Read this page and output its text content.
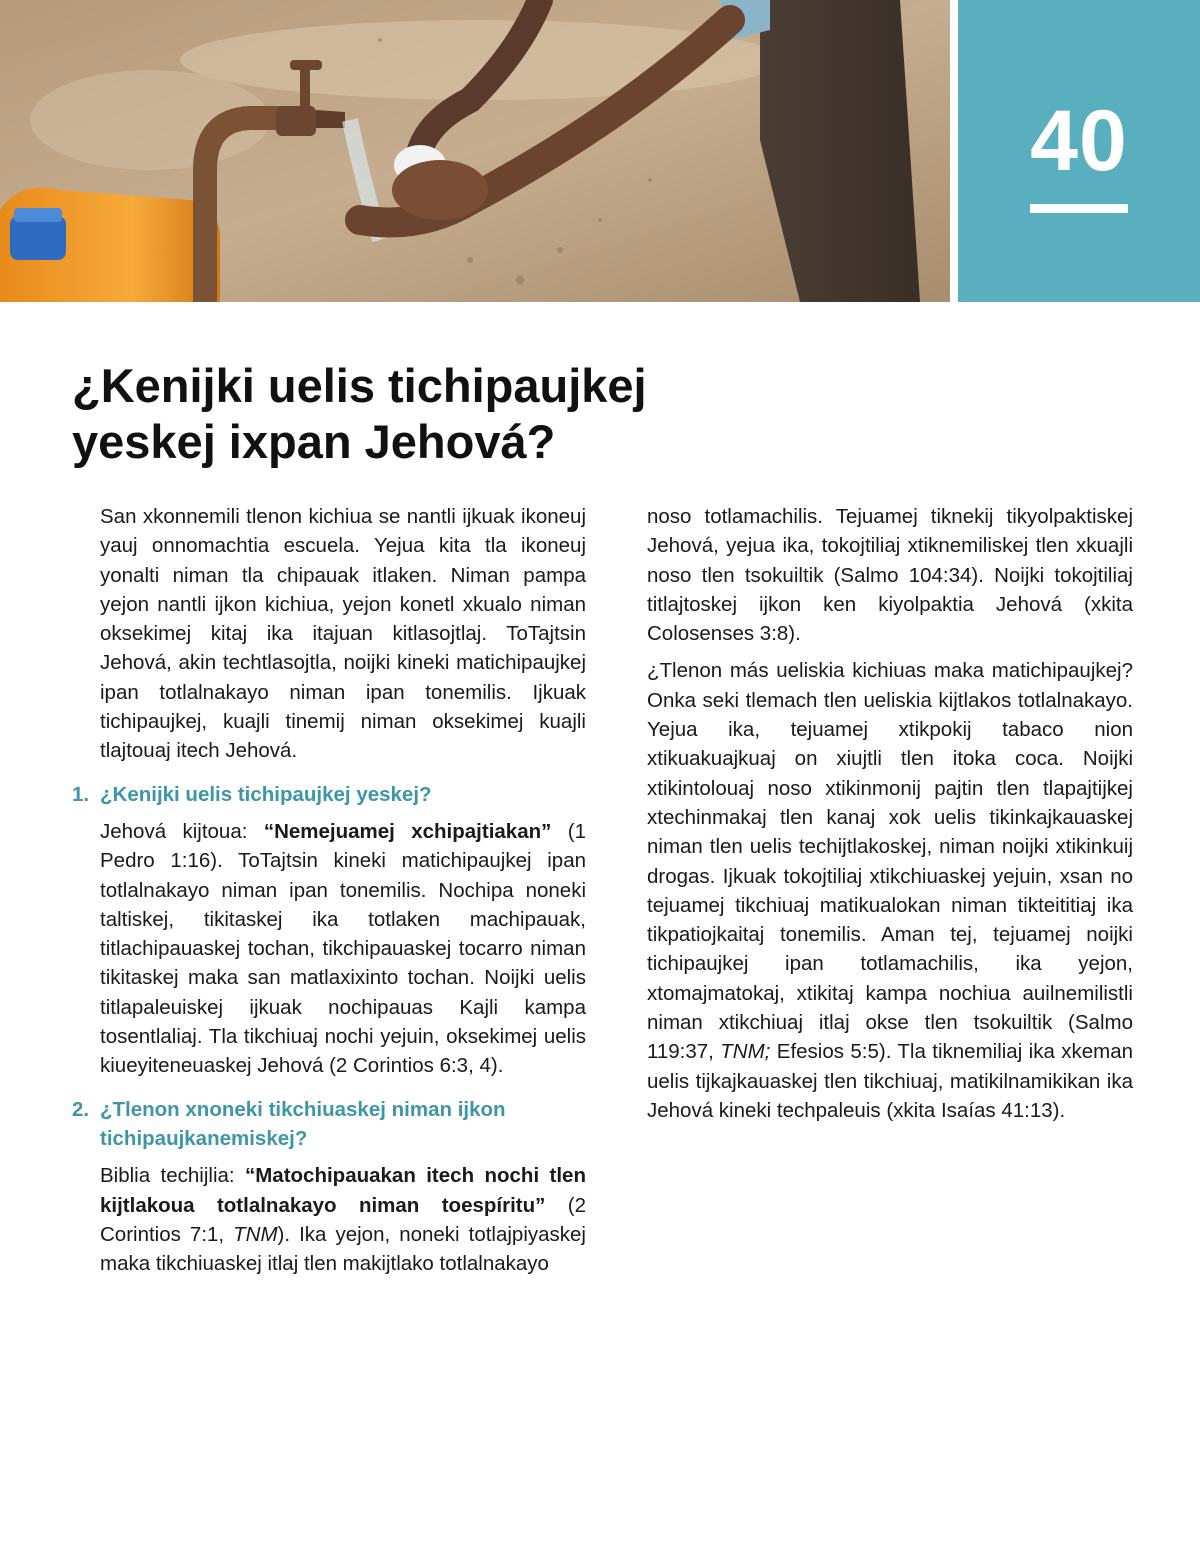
40
¿Kenijki uelis tichipaujkej
yeskej ixpan Jehová?

San xkonnemili tlenon kichiua se nantli ijkuak ikoneuj yauj onnomachtia escuela. Yejua kita tla ikoneuj yonalti niman tla chipauak itlaken. Niman pampa yejon nantli ijkon kichiua, yejon konetl xkualo niman oksekimej kitaj ika itajuan kitlasojtlaj. ToTajtsin Jehová, akin techtlasojtla, noijki kineki matichipaujkej ipan totlalnakayo niman ipan tonemilis. Ijkuak tichipaujkej, kuajli tinemij niman oksekimej kuajli tlajtouaj itech Jehová.

1. ¿Kenijki uelis tichipaujkej yeskej?

Jehová kijtoua: “Nemejuamej xchipajtiakan” (1 Pedro 1:16). ToTajtsin kineki matichipaujkej ipan totlalnakayo niman ipan tonemilis. Nochipa noneki taltiskej, tikitaskej ika totlaken machipauak, titlachipauaskej tochan, tikchipauaskej tocarro niman tikitaskej maka san matlaxixinto tochan. Noijki uelis titlapaleuiskej ijkuak nochipauas Kajli kampa tosentlaliaj. Tla tikchiuaj nochi yejuin, oksekimej uelis kiueyiteneuaskej Jehová (2 Corintios 6:3, 4).

2. ¿Tlenon xnoneki tikchiuaskej niman ijkon tichipaujkanemiskej?

Biblia techijlia: “Matochipauakan itech nochi tlen kijtlakoua totlalnakayo niman toespíritu” (2 Corintios 7:1, TNM). Ika yejon, noneki totlajpiyaskej maka tikchiuaskej itlaj tlen makijtlako totlalnakayo

noso totlamachilis. Tejuamej tiknekij tikyolpaktiskej Jehová, yejua ika, tokojtiliaj xtiknemiliskej tlen xkuajli noso tlen tsokuiltik (Salmo 104:34). Noijki tokojtiliaj titlajtoskej ijkon ken kiyolpaktia Jehová (xkita Colosenses 3:8).

¿Tlenon más ueliskia kichiuas maka matichipaujkej? Onka seki tlemach tlen ueliskia kijtlakos totlalnakayo. Yejua ika, tejuamej xtikpokij tabaco nion xtikuakuajkuaj on xiujtli tlen itoka coca. Noijki xtikintolouaj noso xtikinmonij pajtin tlen tlapajtijkej xtechinmakaj tlen kanaj xok uelis tikinkajkauaskej niman tlen uelis techijtlakoskej, niman noijki xtikinkuij drogas. Ijkuak tokojtiliaj xtikchiuaskej yejuin, xsan no tejuamej tikchiuaj matikualokan niman tikteititiaj ika tikpatiojkaitaj tonemilis. Aman tej, tejuamej noijki tichipaujkej ipan totlamachilis, ika yejon, xtomajmatokaj, xtikitaj kampa nochiua auilnemilistli niman xtikchiuaj itlaj okse tlen tsokuiltik (Salmo 119:37, TNM; Efesios 5:5). Tla tiknemiliaj ika xkeman uelis tijkajkauaskej tlen tikchiuaj, matikilnamikikan ika Jehová kineki techpaleuis (xkita Isaías 41:13).
